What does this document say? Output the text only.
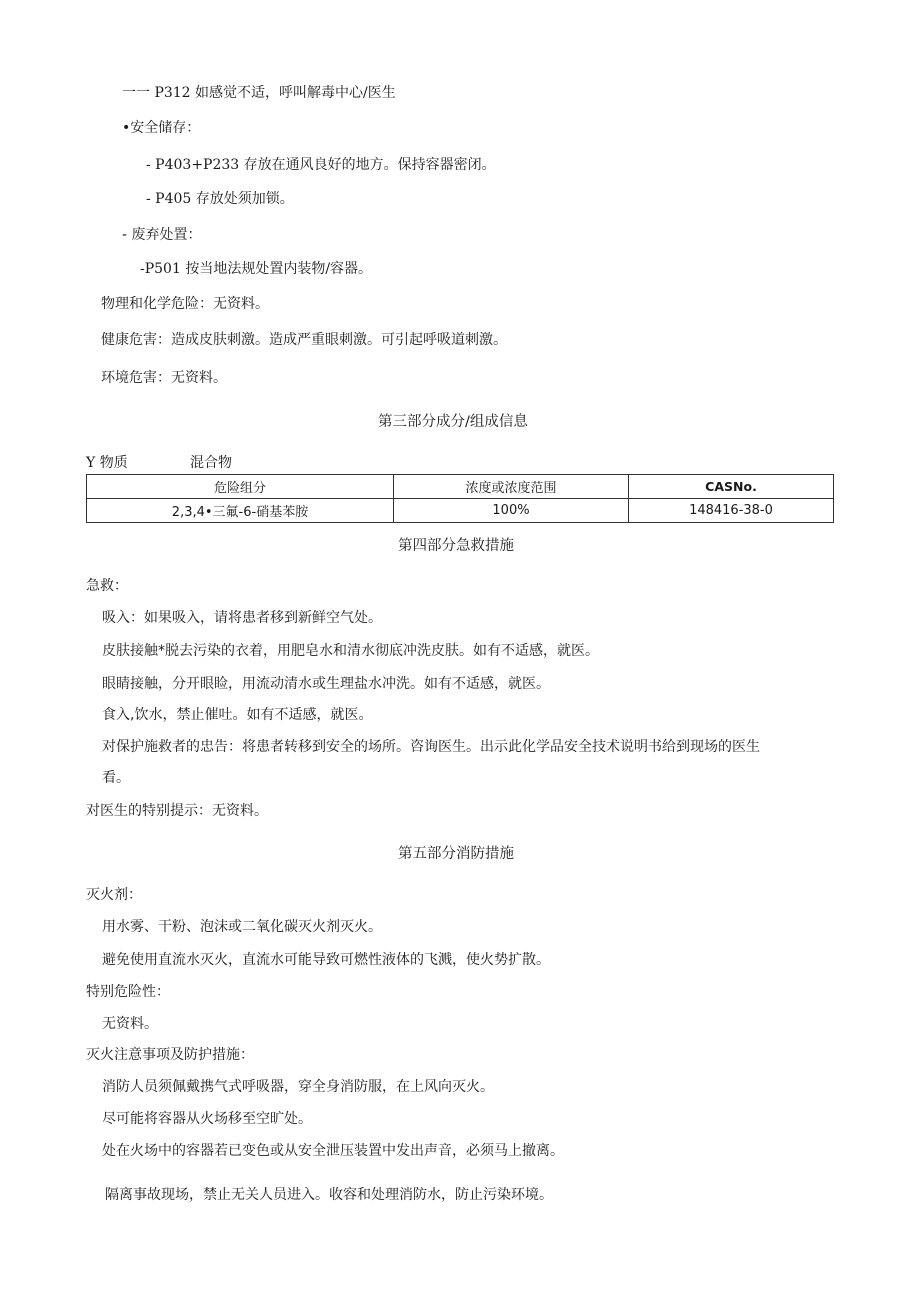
一一 P312 如感觉不适，呼叫解毒中心/医生
•安全储存：
- P403+P233 存放在通风良好的地方。保持容器密闭。
- P405 存放处须加锁。
- 废弃处置：
-P501 按当地法规处置内装物/容器。
物理和化学危险：无资料。
健康危害：造成皮肤刺激。造成严重眼刺激。可引起呼吸道刺激。
环境危害：无资料。
第三部分成分/组成信息
Y 物质	混合物
危险组分	浓度或浓度范围	CASNo.
2,3,4•三氟-6-硝基苯胺	100%	148416-38-0
第四部分急救措施
急救：
吸入：如果吸入，请将患者移到新鲜空气处。
皮肤接触*脱去污染的衣着，用肥皂水和清水彻底冲洗皮肤。如有不适感，就医。
眼睛接触，分开眼睑，用流动清水或生理盐水冲洗。如有不适感，就医。
食入,饮水，禁止催吐。如有不适感，就医。
对保护施救者的忠告：将患者转移到安全的场所。咨询医生。出示此化学品安全技术说明书给到现场的医生
看。
对医生的特别提示：无资料。
第五部分消防措施
灭火剂：
用水雾、干粉、泡沫或二氧化碳灭火剂灭火。
避免使用直流水灭火，直流水可能导致可燃性液体的飞溅，使火势扩散。
特别危险性：
无资料。
灭火注意事项及防护措施：
消防人员须佩戴携气式呼吸器，穿全身消防服，在上风向灭火。
尽可能将容器从火场移至空旷处。
处在火场中的容器若已变色或从安全泄压装置中发出声音，必须马上撤离。
隔离事故现场，禁止无关人员进入。收容和处理消防水，防止污染环境。
